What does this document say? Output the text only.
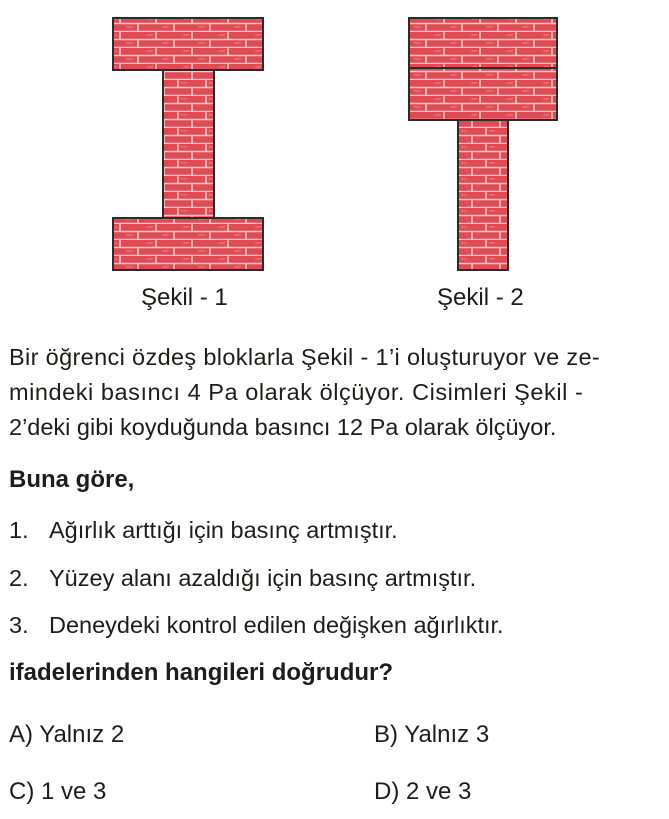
Şekil - 1	Şekil - 2
Bir öğrenci özdeş bloklarla Şekil - 1’i oluşturuyor ve ze-
mindeki basıncı 4 Pa olarak ölçüyor. Cisimleri Şekil -
2’deki gibi koyduğunda basıncı 12 Pa olarak ölçüyor.
Buna göre,
1. Ağırlık arttığı için basınç artmıştır.
2. Yüzey alanı azaldığı için basınç artmıştır.
3. Deneydeki kontrol edilen değişken ağırlıktır.
ifadelerinden hangileri doğrudur?
A) Yalnız 2	B) Yalnız 3
C) 1 ve 3	D) 2 ve 3
